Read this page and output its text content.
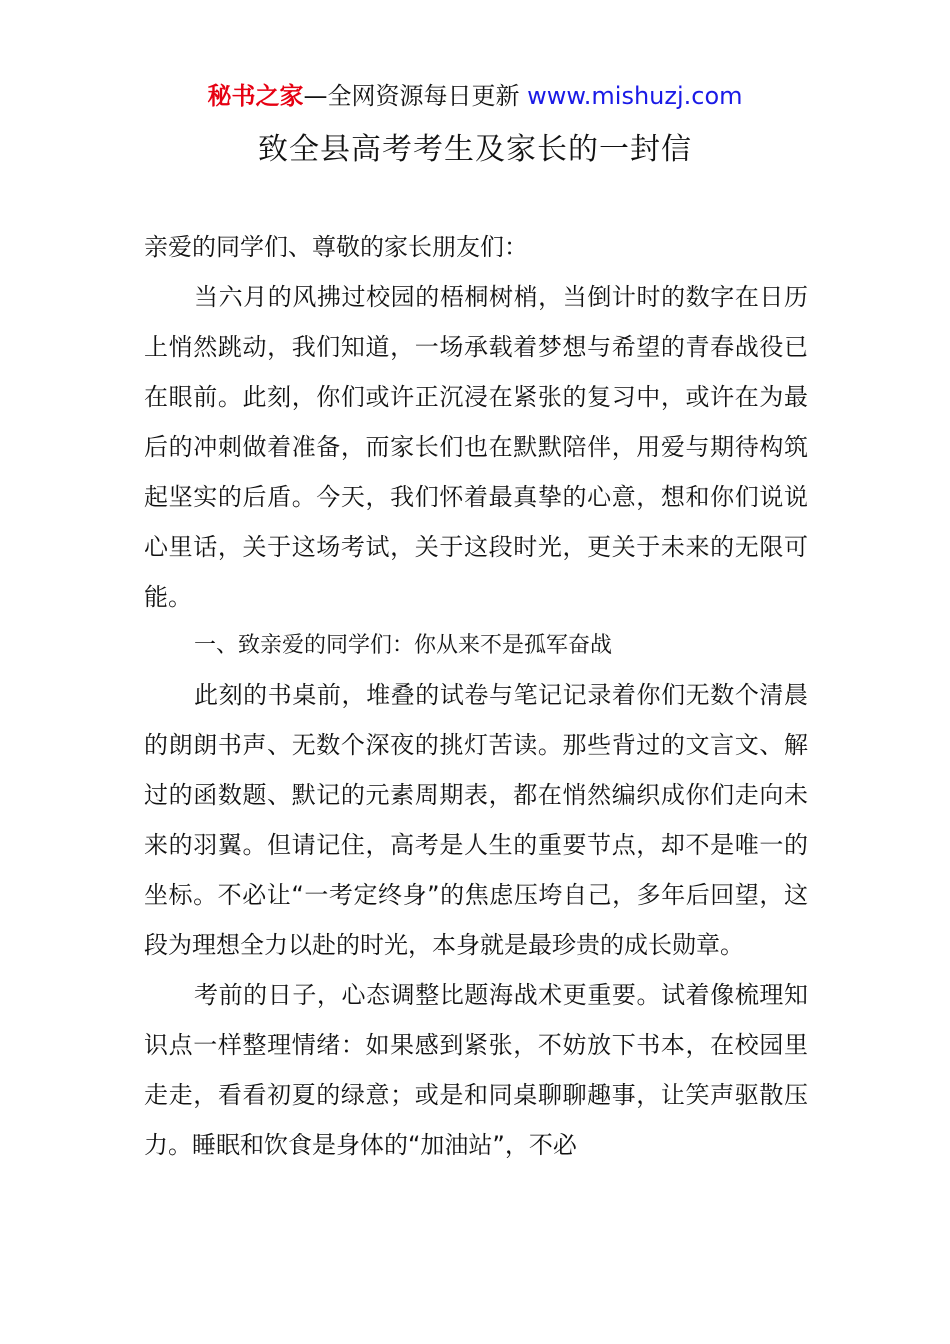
秘书之家—全网资源每日更新 www.mishuzj.com
致全县高考考生及家长的一封信

亲爱的同学们、尊敬的家长朋友们：

当六月的风拂过校园的梧桐树梢，当倒计时的数字在日历上悄然跳动，我们知道，一场承载着梦想与希望的青春战役已在眼前。此刻，你们或许正沉浸在紧张的复习中，或许在为最后的冲刺做着准备，而家长们也在默默陪伴，用爱与期待构筑起坚实的后盾。今天，我们怀着最真挚的心意，想和你们说说心里话，关于这场考试，关于这段时光，更关于未来的无限可能。

一、致亲爱的同学们：你从来不是孤军奋战

此刻的书桌前，堆叠的试卷与笔记记录着你们无数个清晨的朗朗书声、无数个深夜的挑灯苦读。那些背过的文言文、解过的函数题、默记的元素周期表，都在悄然编织成你们走向未来的羽翼。但请记住，高考是人生的重要节点，却不是唯一的坐标。不必让“一考定终身”的焦虑压垮自己，多年后回望，这段为理想全力以赴的时光，本身就是最珍贵的成长勋章。

考前的日子，心态调整比题海战术更重要。试着像梳理知识点一样整理情绪：如果感到紧张，不妨放下书本，在校园里走走，看看初夏的绿意；或是和同桌聊聊趣事，让笑声驱散压力。睡眠和饮食是身体的“加油站”，不必
